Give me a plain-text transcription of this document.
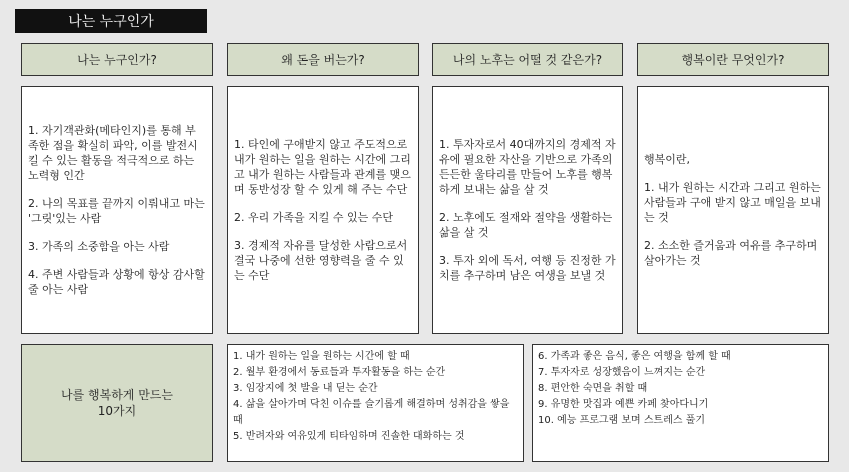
나는 누구인가
나는 누구인가?	왜 돈을 버는가?	나의 노후는 어떨 것 같은가?	행복이란 무엇인가?
1. 자기객관화(메타인지)를 통해 부족한 점을 확실히 파악, 이를 발전시킬 수 있는 활동을 적극적으로 하는 노력형 인간
2. 나의 목표를 끝까지 이뤄내고 마는 '그릿'있는 사람
3. 가족의 소중함을 아는 사람
4. 주변 사람들과 상황에 항상 감사할 줄 아는 사람
1. 타인에 구애받지 않고 주도적으로 내가 원하는 일을 원하는 시간에 그리고 내가 원하는 사람들과 관계를 맺으며 동반성장 할 수 있게 해 주는 수단
2. 우리 가족을 지킬 수 있는 수단
3. 경제적 자유를 달성한 사람으로서 결국 나중에 선한 영향력을 줄 수 있는 수단
1. 투자자로서 40대까지의 경제적 자유에 필요한 자산을 기반으로 가족의 든든한 울타리를 만들어 노후를 행복하게 보내는 삶을 살 것
2. 노후에도 절재와 절약을 생활하는 삶을 살 것
3. 투자 외에 독서, 여행 등 진정한 가치를 추구하며 남은 여생을 보낼 것
행복이란,
1. 내가 원하는 시간과 그리고 원하는 사람들과 구애 받지 않고 매일을 보내는 것
2. 소소한 즐거움과 여유를 추구하며 살아가는 것
나를 행복하게 만드는
10가지
1. 내가 원하는 일을 원하는 시간에 할 때
2. 월부 환경에서 동료들과 투자활동을 하는 순간
3. 임장지에 첫 발을 내 딛는 순간
4. 삶을 살아가며 닥친 이슈를 슬기롭게 해결하며 성취감을 쌓을 때
5. 반려자와 여유있게 티타임하며 진솔한 대화하는 것
6. 가족과 좋은 음식, 좋은 여행을 함께 할 때
7. 투자자로 성장했음이 느껴지는 순간
8. 편안한 숙면을 취할 때
9. 유명한 맛집과 예쁜 카페 찾아다니기
10. 예능 프로그램 보며 스트레스 풀기
